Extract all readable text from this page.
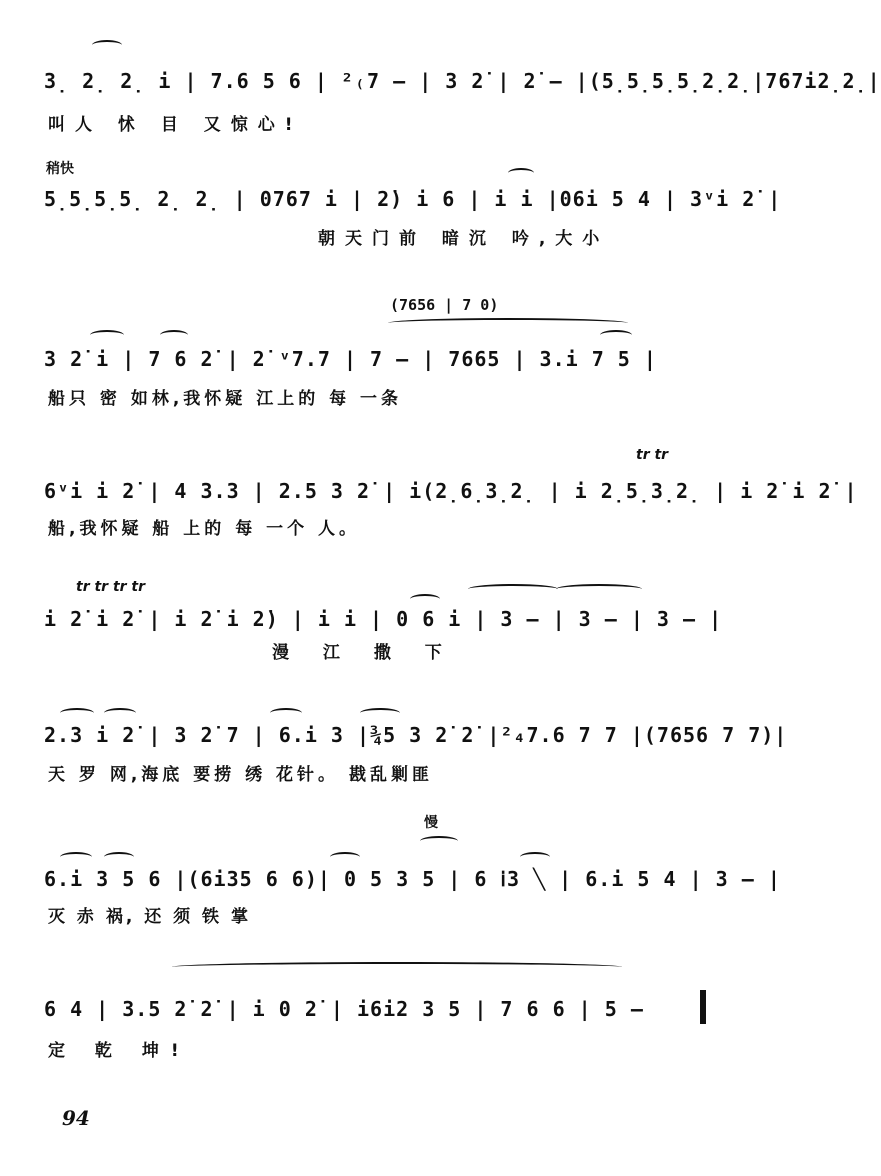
3̣ 2̣ 2̣ i | 7.6 5 6 | ²₍7 — | 3 2̇ | 2̇ — |(5̣5̣5̣5̣2̣2̣|767i2̣2̣|
叫人 怵 目 又惊心!
稍快
5̣5̣5̣5̣ 2̣ 2̣ | 0767 i | 2̇) i 6 | i i |06i 5 4 | 3ᵛi 2̇ |
朝天门前 暗沉 吟,大小
(7656 | 7 0)
3 2̇ i | 7 6 2̇ | 2̇ ᵛ7.7 | 7 — | 7665 | 3.i 7 5 |
船只 密 如林,我怀疑 江上的 每 一条
tr tr
6ᵛi i 2̇ | 4 3.3 | 2.5 3 2̇ | i(2̣6̣3̣2̣ | i 2̣5̣3̣2̣ | i 2̇ i 2̇ |
船,我怀疑 船 上的 每 一个 人。
tr tr tr tr
i 2̇ i 2̇ | i 2̇ i 2̇) | i i | 0 6 i | 3 — | 3 — | 3 — |
漫 江 撒 下
2.3 i 2̇ | 3 2̇ 7 | 6.i 3 |¾5 3 2̇ 2̇ |²₄7.6 7 7 |(7656 7 7)|
天 罗 网,海底 要捞 绣 花针。 戡乱剿匪
慢
6.i 3 5 6 |(6i35 6 6)| 0 5 3 5 | 6 ⅰ3 ╲ | 6.i 5 4 | 3 — |
灭 赤 祸, 还 须 铁 掌
6 4 | 3.5 2̇ 2̇ | i 0 2̇ | i6i2 3 5 | 7 6 6 | 5 —
定 乾 坤!
94
